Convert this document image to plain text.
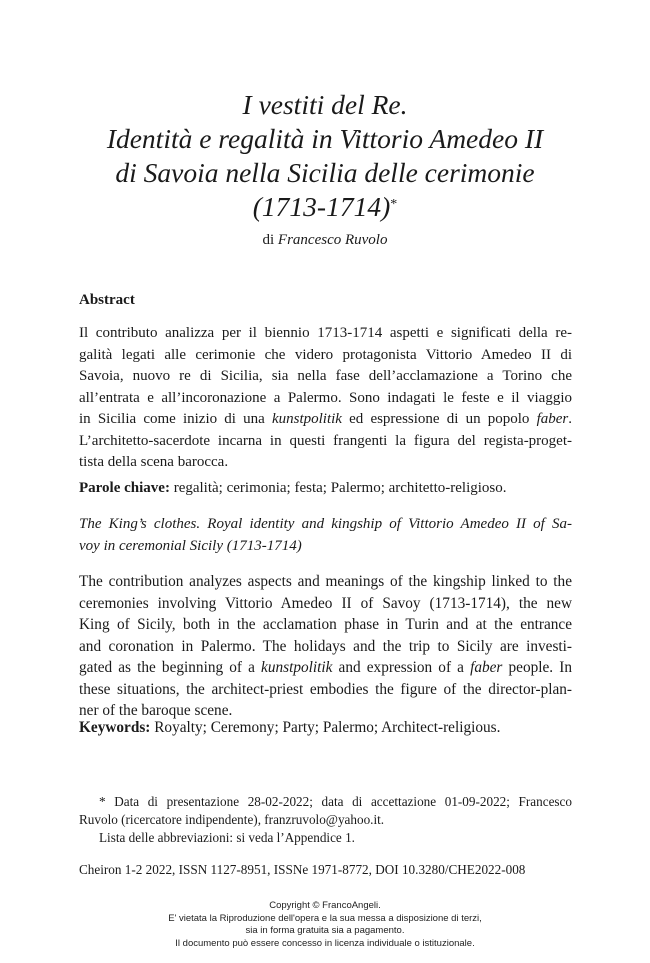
I vestiti del Re.
Identità e regalità in Vittorio Amedeo II
di Savoia nella Sicilia delle cerimonie
(1713-1714)*
di Francesco Ruvolo
Abstract
Il contributo analizza per il biennio 1713-1714 aspetti e significati della re-
galità legati alle cerimonie che videro protagonista Vittorio Amedeo II di
Savoia, nuovo re di Sicilia, sia nella fase dell’acclamazione a Torino che
all’entrata e all’incoronazione a Palermo. Sono indagati le feste e il viaggio
in Sicilia come inizio di una kunstpolitik ed espressione di un popolo faber.
L’architetto-sacerdote incarna in questi frangenti la figura del regista-proget-
tista della scena barocca.
Parole chiave: regalità; cerimonia; festa; Palermo; architetto-religioso.
The King’s clothes. Royal identity and kingship of Vittorio Amedeo II of Sa-
voy in ceremonial Sicily (1713-1714)
The contribution analyzes aspects and meanings of the kingship linked to the
ceremonies involving Vittorio Amedeo II of Savoy (1713-1714), the new
King of Sicily, both in the acclamation phase in Turin and at the entrance
and coronation in Palermo. The holidays and the trip to Sicily are investi-
gated as the beginning of a kunstpolitik and expression of a faber people. In
these situations, the architect-priest embodies the figure of the director-plan-
ner of the baroque scene.
Keywords: Royalty; Ceremony; Party; Palermo; Architect-religious.
* Data di presentazione 28-02-2022; data di accettazione 01-09-2022; Francesco
Ruvolo (ricercatore indipendente), franzruvolo@yahoo.it.
Lista delle abbreviazioni: si veda l’Appendice 1.
Cheiron 1-2 2022, ISSN 1127-8951, ISSNe 1971-8772, DOI 10.3280/CHE2022-008
Copyright © FrancoAngeli.
E' vietata la Riproduzione dell'opera e la sua messa a disposizione di terzi,
sia in forma gratuita sia a pagamento.
Il documento può essere concesso in licenza individuale o istituzionale.
